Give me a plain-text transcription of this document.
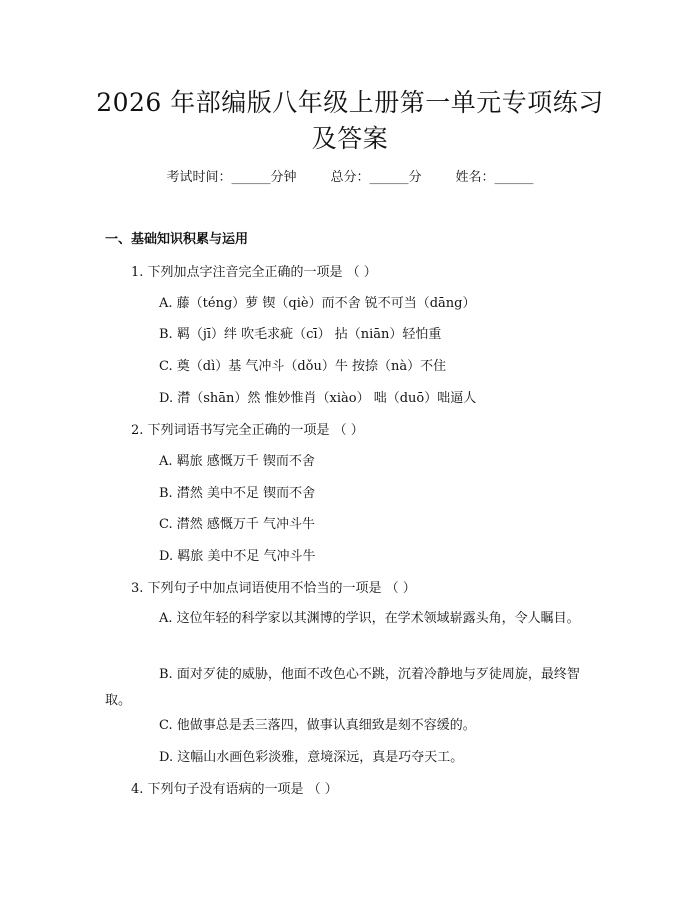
2026 年部编版八年级上册第一单元专项练习
及答案
考试时间：______分钟	总分：______分	姓名：______
一、基础知识积累与运用
1. 下列加点字注音完全正确的一项是 （ ）
A. 藤（téng）萝 锲（qiè）而不舍 锐不可当（dāng）
B. 羁（jī）绊 吹毛求疵（cī） 拈（niān）轻怕重
C. 奠（dì）基 气冲斗（dǒu）牛 按捺（nà）不住
D. 潸（shān）然 惟妙惟肖（xiào） 咄（duō）咄逼人
2. 下列词语书写完全正确的一项是 （ ）
A. 羁旅 感慨万千 锲而不舍
B. 潸然 美中不足 锲而不舍
C. 潸然 感慨万千 气冲斗牛
D. 羁旅 美中不足 气冲斗牛
3. 下列句子中加点词语使用不恰当的一项是 （ ）
A. 这位年轻的科学家以其渊博的学识，在学术领域崭露头角，令人瞩目。
B. 面对歹徒的威胁，他面不改色心不跳，沉着冷静地与歹徒周旋，最终智取。
C. 他做事总是丢三落四，做事认真细致是刻不容缓的。
D. 这幅山水画色彩淡雅，意境深远，真是巧夺天工。
4. 下列句子没有语病的一项是 （ ）
